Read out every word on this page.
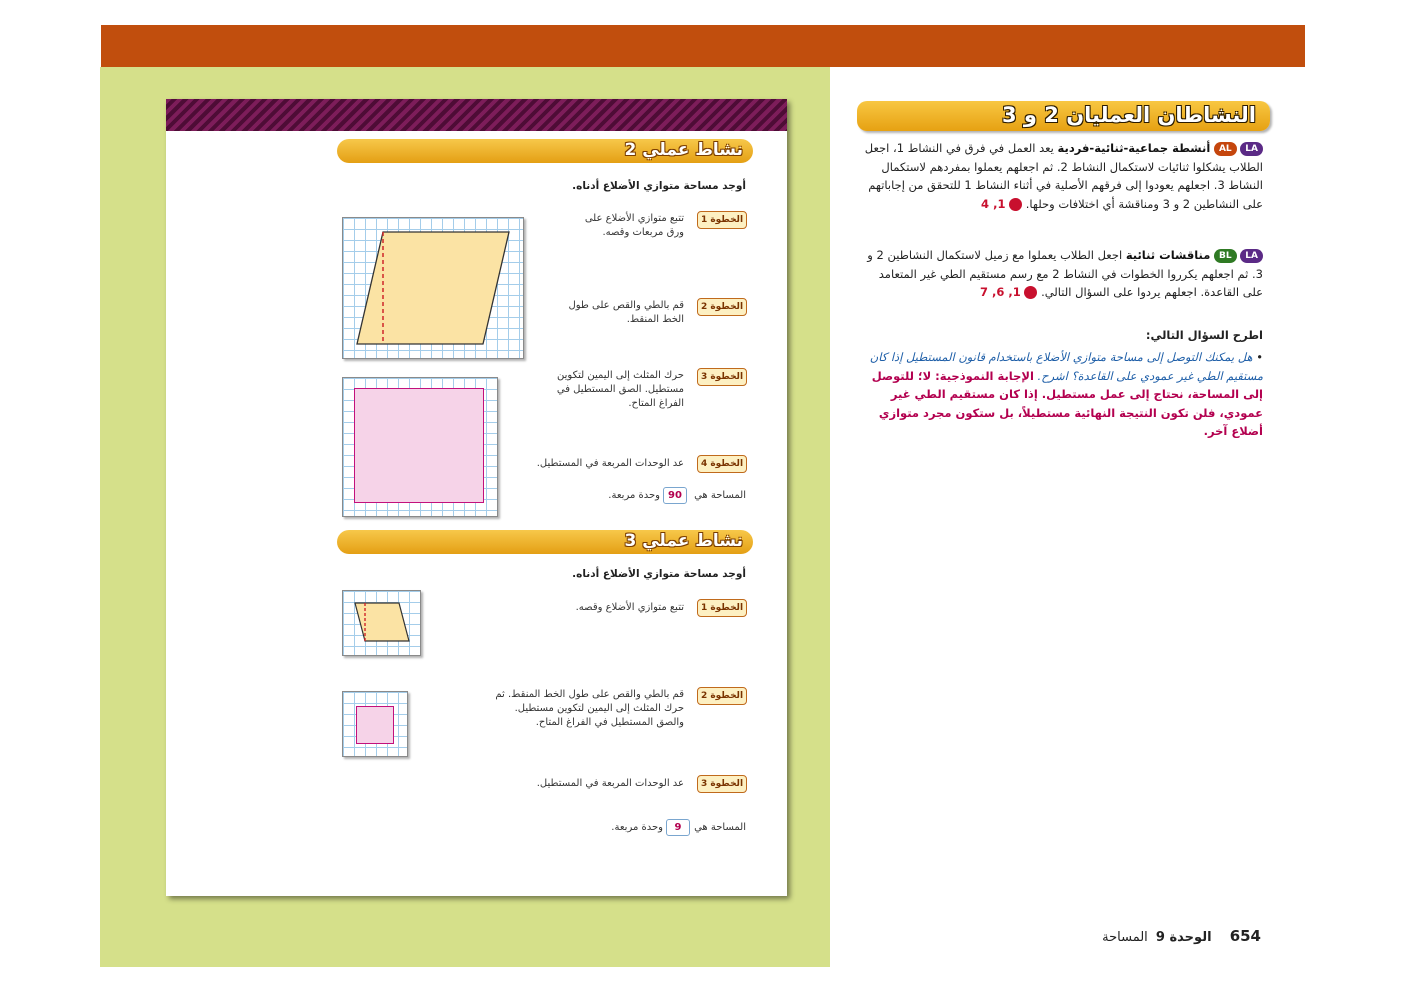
نشاط عملي 2
أوجد مساحة متوازي الأضلاع أدناه.
الخطوة 1
تتبع متوازي الأضلاع على ورق مربعات وقصه.
الخطوة 2
قم بالطي والقص على طول الخط المنقط.
الخطوة 3
حرك المثلث إلى اليمين لتكوين مستطيل. الصق المستطيل في الفراغ المتاح.
الخطوة 4
عد الوحدات المربعة في المستطيل.
المساحة هي
90
وحدة مربعة.
نشاط عملي 3
أوجد مساحة متوازي الأضلاع أدناه.
الخطوة 1
تتبع متوازي الأضلاع وقصه.
الخطوة 2
قم بالطي والقص على طول الخط المنقط. ثم حرك المثلث إلى اليمين لتكوين مستطيل. والصق المستطيل في الفراغ المتاح.
الخطوة 3
عد الوحدات المربعة في المستطيل.
المساحة هي
9
وحدة مربعة.
النشاطان العمليان 2 و 3
LA AL أنشطة جماعية-ثنائية-فردية يعد العمل في فرق في النشاط 1، اجعل الطلاب يشكلوا ثنائيات لاستكمال النشاط 2. ثم اجعلهم يعملوا بمفردهم لاستكمال النشاط 3. اجعلهم يعودوا إلى فرقهم الأصلية في أثناء النشاط 1 للتحقق من إجاباتهم على النشاطين 2 و 3 ومناقشة أي اختلافات وحلها.  1, 4
LA BL مناقشات ثنائية اجعل الطلاب يعملوا مع زميل لاستكمال النشاطين 2 و 3. ثم اجعلهم يكرروا الخطوات في النشاط 2 مع رسم مستقيم الطي غير المتعامد على القاعدة. اجعلهم يردوا على السؤال التالي.  1, 6, 7
اطرح السؤال التالي:
• هل يمكنك التوصل إلى مساحة متوازي الأضلاع باستخدام قانون المستطيل إذا كان مستقيم الطي غير عمودي على القاعدة؟ اشرح. الإجابة النموذجية: لا؛ للتوصل إلى المساحة، نحتاج إلى عمل مستطيل. إذا كان مستقيم الطي غير عمودي، فلن تكون النتيجة النهائية مستطيلاً، بل ستكون مجرد متوازي أضلاع آخر.
654 الوحدة 9 المساحة
